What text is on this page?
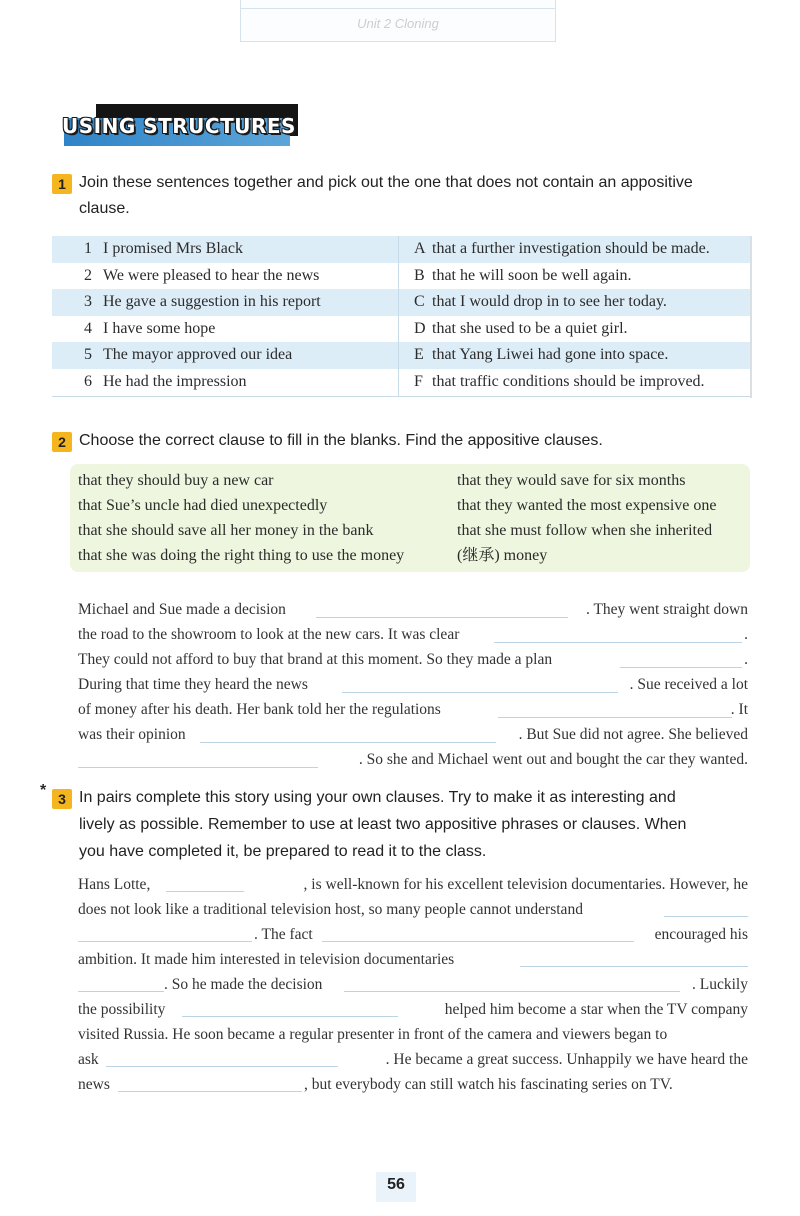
Unit 2 Cloning
USING STRUCTURES
1 Join these sentences together and pick out the one that does not contain an appositive
clause.
1 I promised Mrs Black	A that a further investigation should be made.
2 We were pleased to hear the news	B that he will soon be well again.
3 He gave a suggestion in his report	C that I would drop in to see her today.
4 I have some hope	D that she used to be a quiet girl.
5 The mayor approved our idea	E that Yang Liwei had gone into space.
6 He had the impression	F that traffic conditions should be improved.
2 Choose the correct clause to fill in the blanks. Find the appositive clauses.
that they should buy a new car
that Sue’s uncle had died unexpectedly
that she should save all her money in the bank
that she was doing the right thing to use the money
that they would save for six months
that they wanted the most expensive one
that she must follow when she inherited
(继承) money
Michael and Sue made a decision	. They went straight down
the road to the showroom to look at the new cars. It was clear	.
They could not afford to buy that brand at this moment. So they made a plan	.
During that time they heard the news	. Sue received a lot
of money after his death. Her bank told her the regulations	. It
was their opinion	. But Sue did not agree. She believed
. So she and Michael went out and bought the car they wanted.
* 3 In pairs complete this story using your own clauses. Try to make it as interesting and
lively as possible. Remember to use at least two appositive phrases or clauses. When
you have completed it, be prepared to read it to the class.
Hans Lotte,	, is well-known for his excellent television documentaries. However, he
does not look like a traditional television host, so many people cannot understand
. The fact	encouraged his
ambition. It made him interested in television documentaries
. So he made the decision	. Luckily
the possibility	helped him become a star when the TV company
visited Russia. He soon became a regular presenter in front of the camera and viewers began to
ask	. He became a great success. Unhappily we have heard the
news	, but everybody can still watch his fascinating series on TV.
56
